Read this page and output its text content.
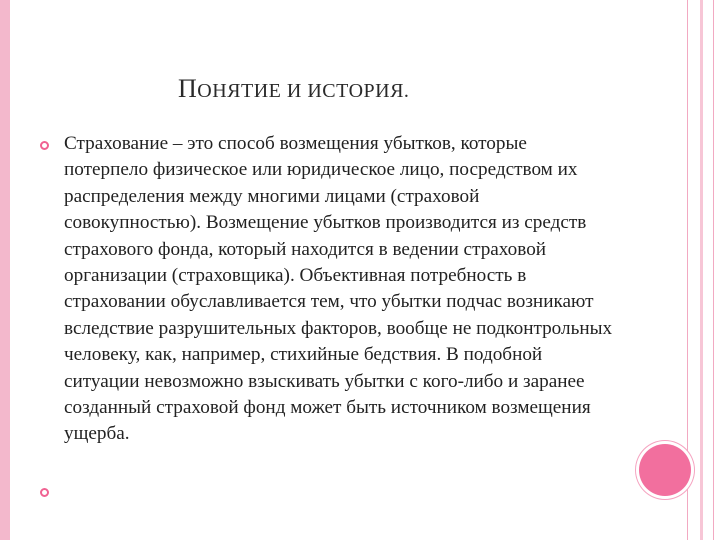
ПОНЯТИЕ И ИСТОРИЯ.
Страхование – это способ возмещения убытков, которые потерпело физическое или юридическое лицо, посредством их распределения между многими лицами (страховой совокупностью). Возмещение убытков производится из средств страхового фонда, который находится в ведении страховой организации (страховщика). Объективная потребность в страховании обуславливается тем, что убытки подчас возникают вследствие разрушительных факторов, вообще не подконтрольных человеку, как, например, стихийные бедствия. В подобной ситуации невозможно взыскивать убытки с кого-либо и заранее созданный страховой фонд может быть источником возмещения ущерба.
